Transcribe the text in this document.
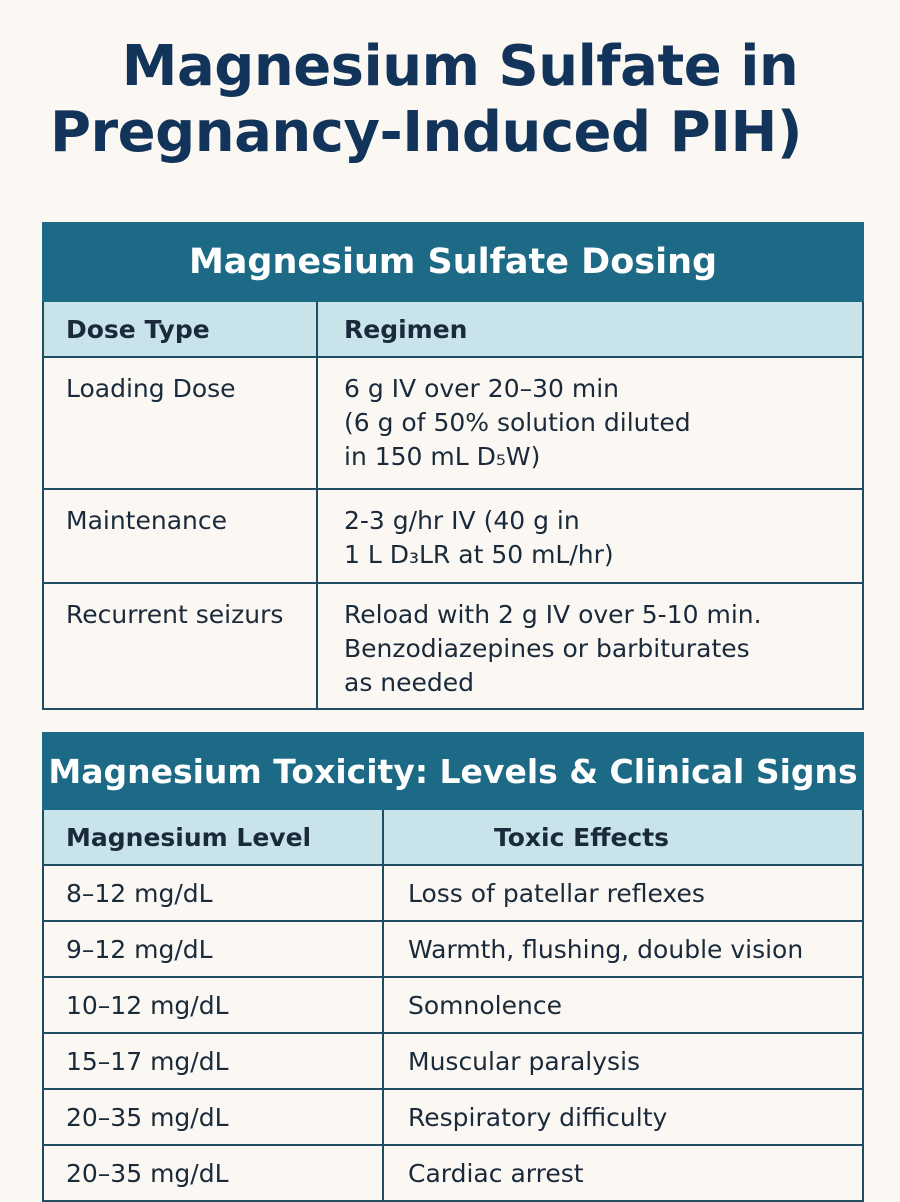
Magnesium Sulfate in
Pregnancy-Induced PIH)
Magnesium Sulfate Dosing	
Dose Type	Regimen
Loading Dose	6 g IV over 20–30 min
(6 g of 50% solution diluted
in 150 mL D₅W)

Maintenance	2-3 g/hr IV (40 g in
1 L D₃LR at 50 mL/hr)

Recurrent seizurs	Reload with 2 g IV over 5-10 min.
Benzodiazepines or barbiturates
as needed
Magnesium Toxicity: Levels & Clinical Signs	
Magnesium Level	Toxic Effects
8–12 mg/dL	Loss of patellar reflexes
9–12 mg/dL	Warmth, flushing, double vision
10–12 mg/dL	Somnolence
15–17 mg/dL	Muscular paralysis
20–35 mg/dL	Respiratory difficulty
20–35 mg/dL	Cardiac arrest
